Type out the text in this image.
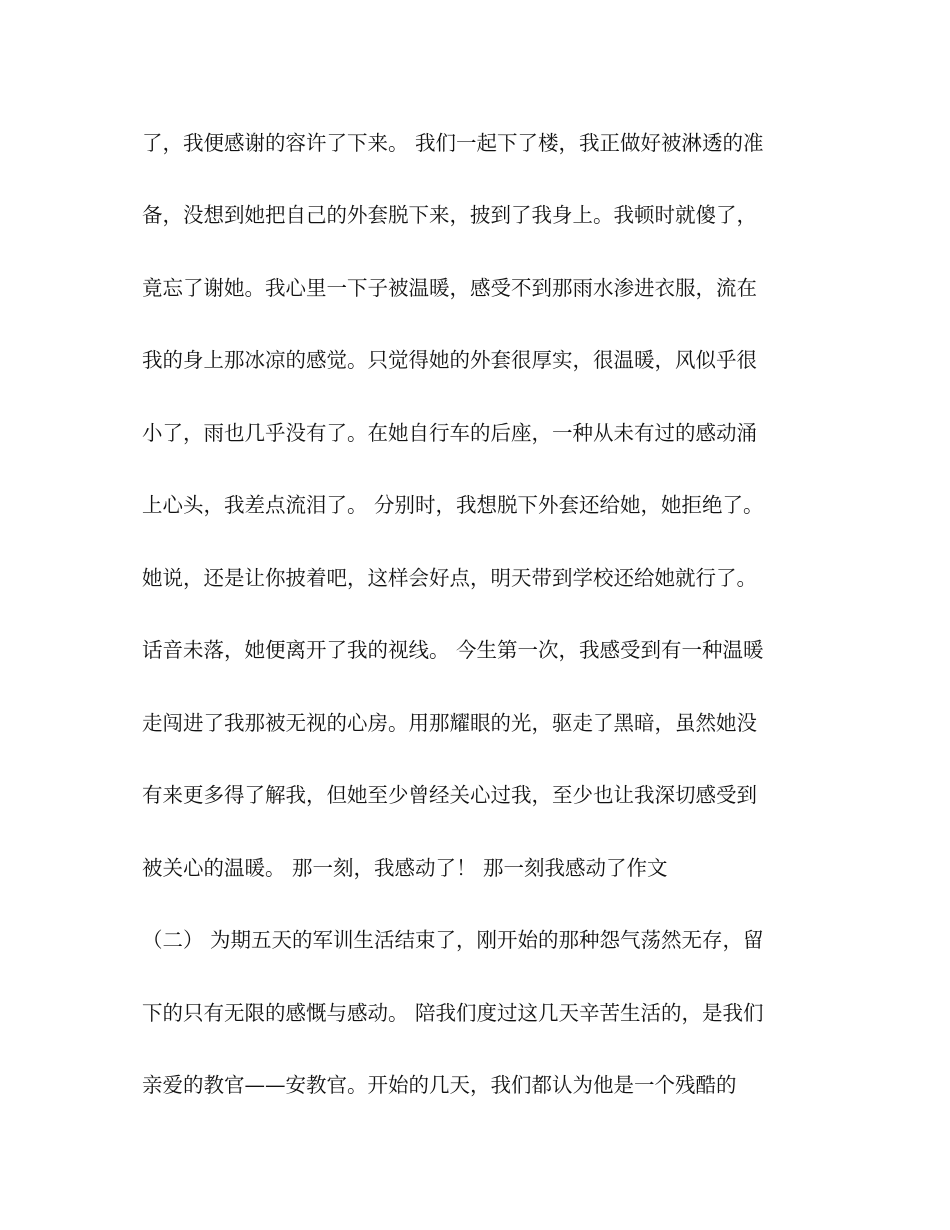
了，我便感谢的容许了下来。 我们一起下了楼，我正做好被淋透的准
备，没想到她把自己的外套脱下来，披到了我身上。我顿时就傻了，
竟忘了谢她。我心里一下子被温暖，感受不到那雨水渗进衣服，流在
我的身上那冰凉的感觉。只觉得她的外套很厚实，很温暖，风似乎很
小了，雨也几乎没有了。在她自行车的后座，一种从未有过的感动涌
上心头，我差点流泪了。 分别时，我想脱下外套还给她，她拒绝了。
她说，还是让你披着吧，这样会好点，明天带到学校还给她就行了。
话音未落，她便离开了我的视线。 今生第一次，我感受到有一种温暖
走闯进了我那被无视的心房。用那耀眼的光，驱走了黑暗，虽然她没
有来更多得了解我，但她至少曾经关心过我，至少也让我深切感受到
被关心的温暖。 那一刻，我感动了！ 那一刻我感动了作文
（二） 为期五天的军训生活结束了，刚开始的那种怨气荡然无存，留
下的只有无限的感慨与感动。 陪我们度过这几天辛苦生活的，是我们
亲爱的教官——安教官。开始的几天，我们都认为他是一个残酷的
